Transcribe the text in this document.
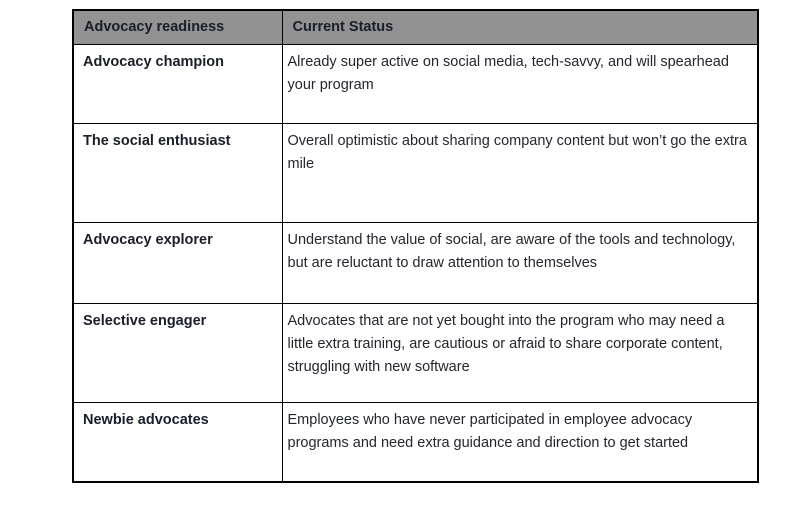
Advocacy readiness	Current Status
Advocacy champion	Already super active on social media, tech-savvy, and will spearhead your program
The social enthusiast	Overall optimistic about sharing company content but won’t go the extra mile
Advocacy explorer	Understand the value of social, are aware of the tools and technology, but are reluctant to draw attention to themselves
Selective engager	Advocates that are not yet bought into the program who may need a little extra training, are cautious or afraid to share corporate content, struggling with new software
Newbie advocates	Employees who have never participated in employee advocacy programs and need extra guidance and direction to get started
